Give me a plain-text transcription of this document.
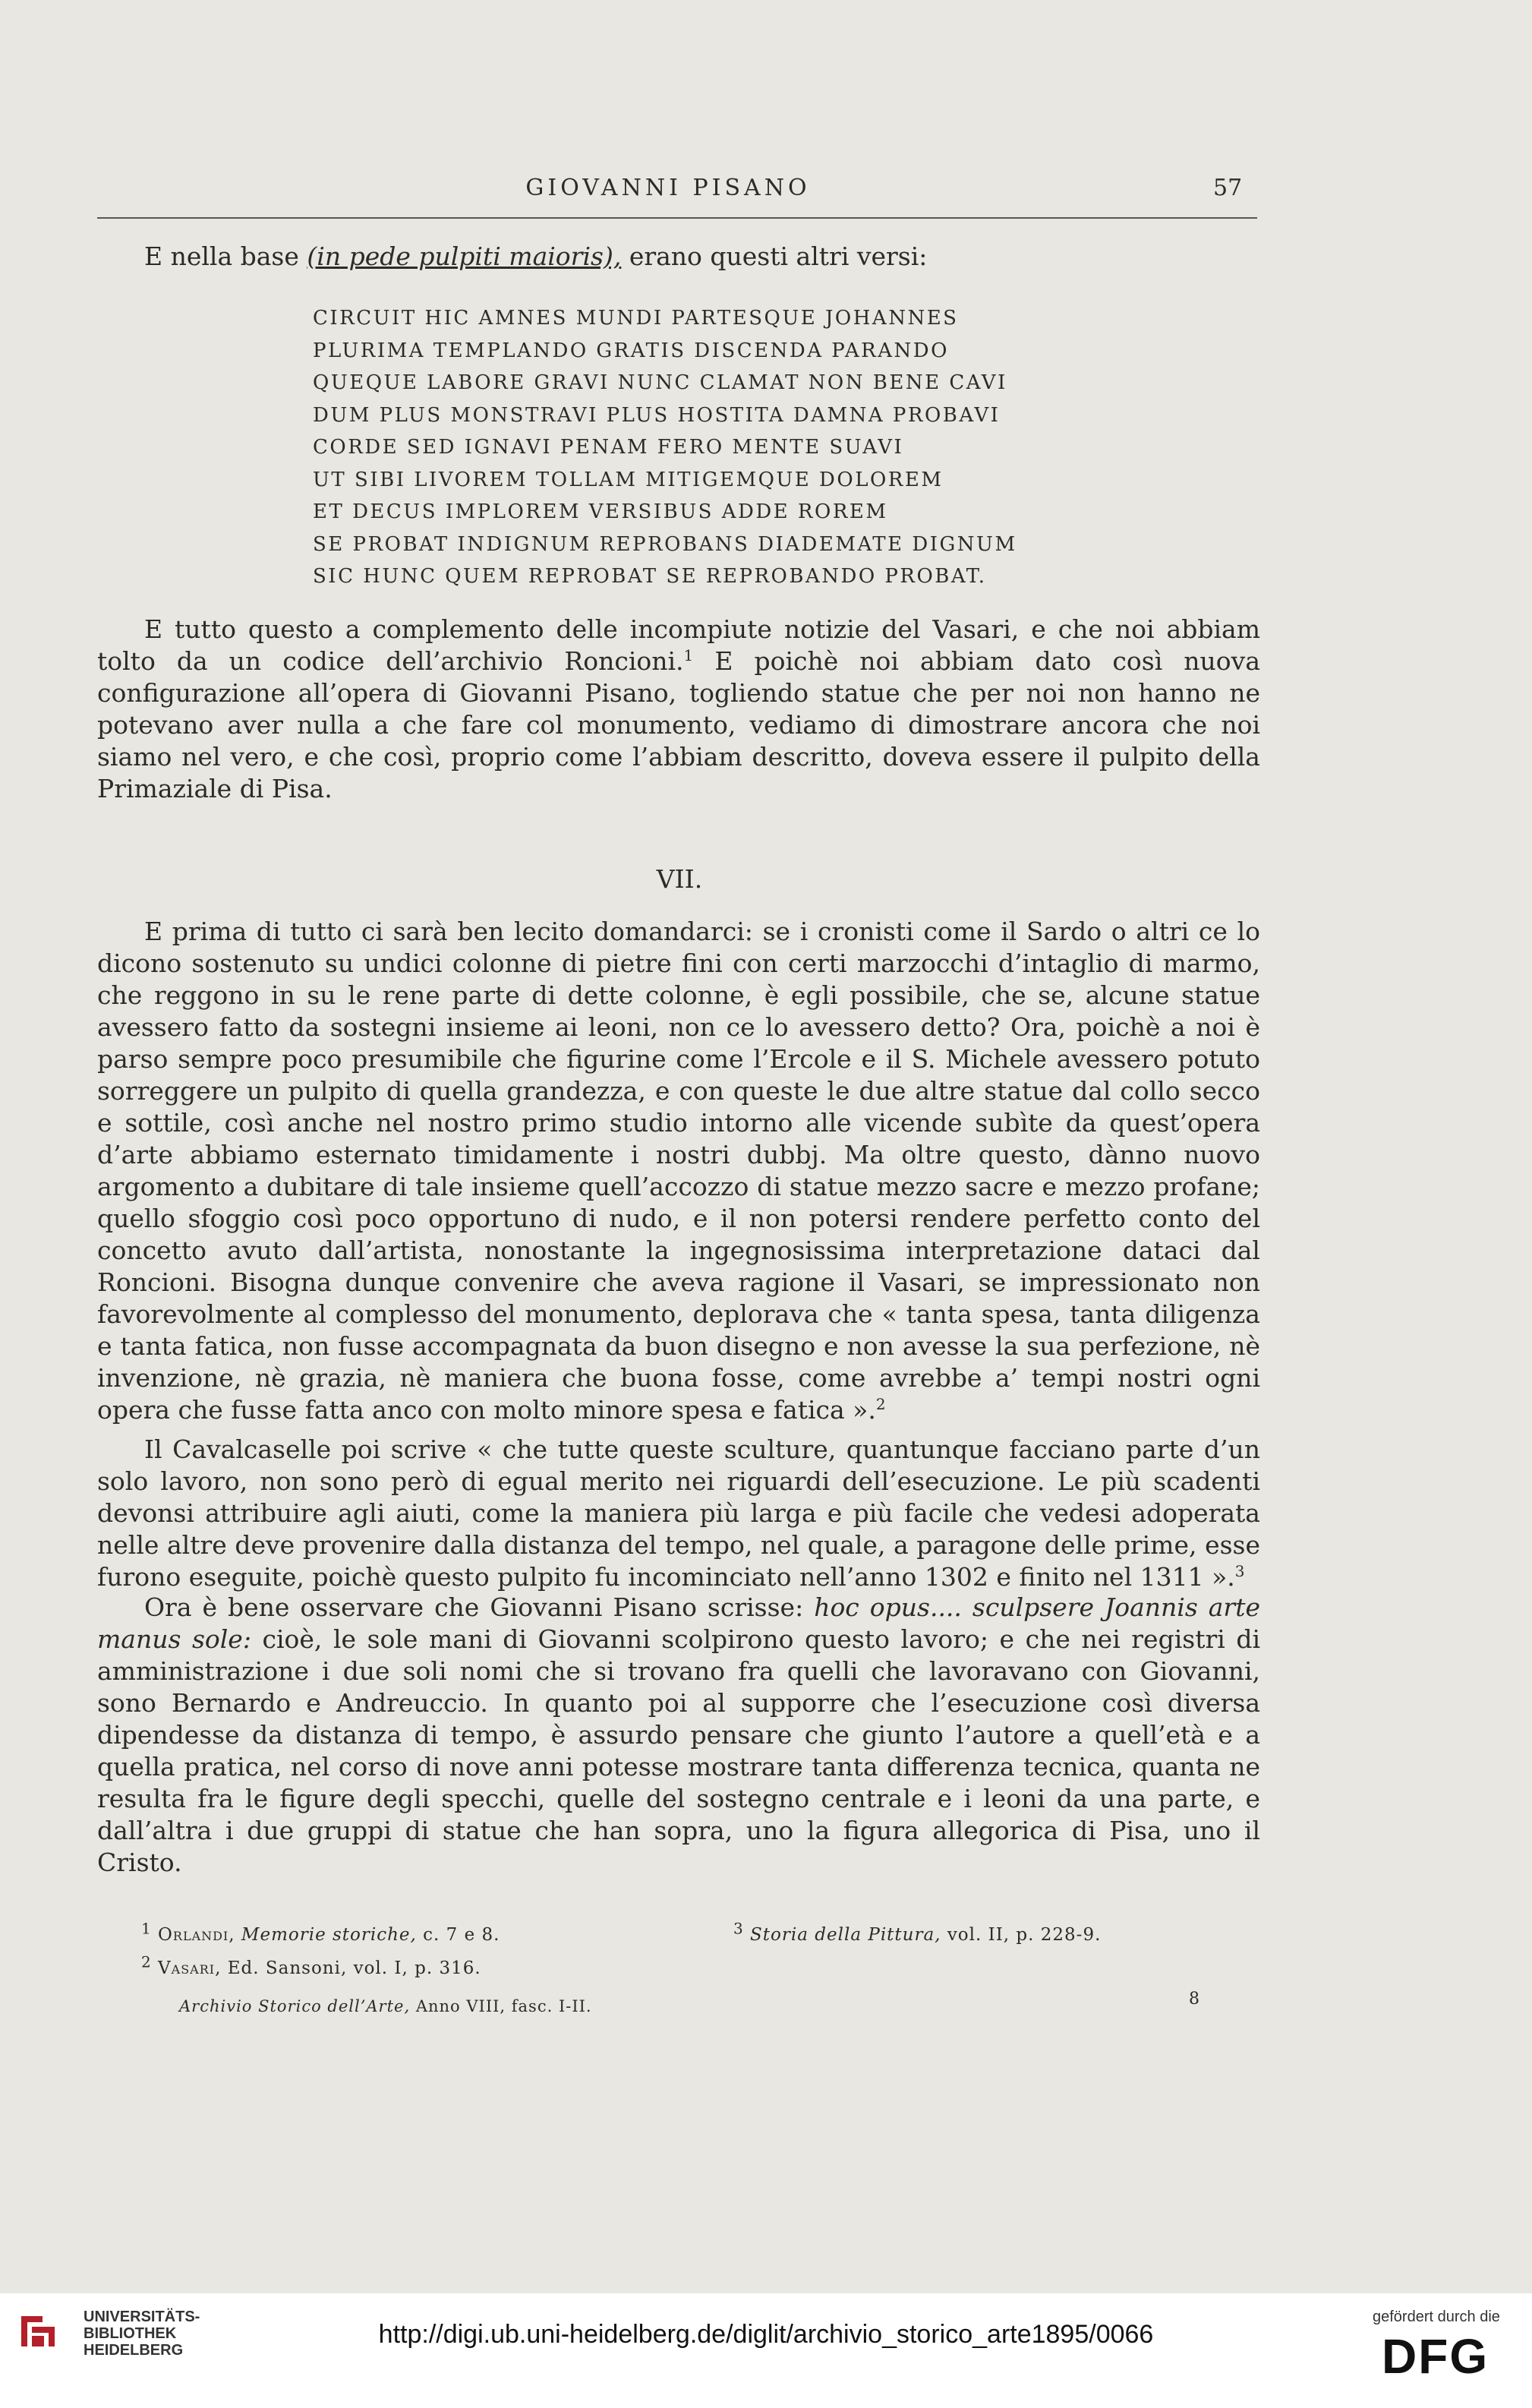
GIOVANNI PISANO	57
E nella base (in pede pulpiti maioris), erano questi altri versi:
CIRCUIT HIC AMNES MUNDI PARTESQUE JOHANNES
PLURIMA TEMPLANDO GRATIS DISCENDA PARANDO
QUEQUE LABORE GRAVI NUNC CLAMAT NON BENE CAVI
DUM PLUS MONSTRAVI PLUS HOSTITA DAMNA PROBAVI
CORDE SED IGNAVI PENAM FERO MENTE SUAVI
UT SIBI LIVOREM TOLLAM MITIGEMQUE DOLOREM
ET DECUS IMPLOREM VERSIBUS ADDE ROREM
SE PROBAT INDIGNUM REPROBANS DIADEMATE DIGNUM
SIC HUNC QUEM REPROBAT SE REPROBANDO PROBAT.

E tutto questo a complemento delle incompiute notizie del Vasari, e che noi abbiam tolto da un codice dell’archivio Roncioni.$^1$ E poichè noi abbiam dato così nuova configurazione all’opera di Giovanni Pisano, togliendo statue che per noi non hanno ne potevano aver nulla a che fare col monumento, vediamo di dimostrare ancora che noi siamo nel vero, e che così, proprio come l’abbiam descritto, doveva essere il pulpito della Primaziale di Pisa.

VII.

E prima di tutto ci sarà ben lecito domandarci: se i cronisti come il Sardo o altri ce lo dicono sostenuto su undici colonne di pietre fini con certi marzocchi d’intaglio di marmo, che reggono in su le rene parte di dette colonne, è egli possibile, che se, alcune statue avessero fatto da sostegni insieme ai leoni, non ce lo avessero detto? Ora, poichè a noi è parso sempre poco presumibile che figurine come l’Ercole e il S. Michele avessero potuto sorreggere un pulpito di quella grandezza, e con queste le due altre statue dal collo secco e sottile, così anche nel nostro primo studio intorno alle vicende subìte da quest’opera d’arte abbiamo esternato timidamente i nostri dubbj. Ma oltre questo, dànno nuovo argomento a dubitare di tale insieme quell’accozzo di statue mezzo sacre e mezzo profane; quello sfoggio così poco opportuno di nudo, e il non potersi rendere perfetto conto del concetto avuto dall’artista, nonostante la ingegnosissima interpretazione dataci dal Roncioni. Bisogna dunque convenire che aveva ragione il Vasari, se impressionato non favorevolmente al complesso del monumento, deplorava che « tanta spesa, tanta diligenza e tanta fatica, non fusse accompagnata da buon disegno e non avesse la sua perfezione, nè invenzione, nè grazia, nè maniera che buona fosse, come avrebbe a’ tempi nostri ogni opera che fusse fatta anco con molto minore spesa e fatica ».$^2$

Il Cavalcaselle poi scrive « che tutte queste sculture, quantunque facciano parte d’un solo lavoro, non sono però di egual merito nei riguardi dell’esecuzione. Le più scadenti devonsi attribuire agli aiuti, come la maniera più larga e più facile che vedesi adoperata nelle altre deve provenire dalla distanza del tempo, nel quale, a paragone delle prime, esse furono eseguite, poichè questo pulpito fu incominciato nell’anno 1302 e finito nel 1311 ».$^3$

Ora è bene osservare che Giovanni Pisano scrisse: hoc opus.... sculpsere Joannis arte manus sole: cioè, le sole mani di Giovanni scolpirono questo lavoro; e che nei registri di amministrazione i due soli nomi che si trovano fra quelli che lavoravano con Giovanni, sono Bernardo e Andreuccio. In quanto poi al supporre che l’esecuzione così diversa dipendesse da distanza di tempo, è assurdo pensare che giunto l’autore a quell’età e a quella pratica, nel corso di nove anni potesse mostrare tanta differenza tecnica, quanta ne resulta fra le figure degli specchi, quelle del sostegno centrale e i leoni da una parte, e dall’altra i due gruppi di statue che han sopra, uno la figura allegorica di Pisa, uno il Cristo.

$^1$ Orlandi, Memorie storiche, c. 7 e 8.
$^2$ Vasari, Ed. Sansoni, vol. I, p. 316.
$^3$ Storia della Pittura, vol. II, p. 228-9.
8
Archivio Storico dell’Arte, Anno VIII, fasc. I-II.
UNIVERSITÄTS-
BIBLIOTHEK
HEIDELBERG
http://digi.ub.uni-heidelberg.de/diglit/archivio_storico_arte1895/0066
gefördert durch die
DFG
